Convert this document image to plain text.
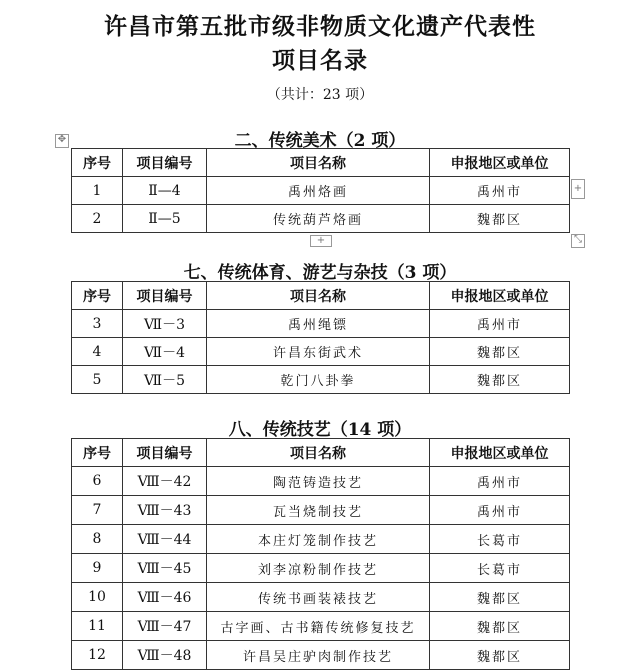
许昌市第五批市级非物质文化遗产代表性
项目名录
（共计：23 项）
✥	二、传统美术（2 项）
序号	项目编号	项目名称	申报地区或单位
1	Ⅱ—4	禹州烙画	禹州市
2	Ⅱ—5	传统葫芦烙画	魏都区
+
+	⤡
七、传统体育、游艺与杂技（3 项）
序号	项目编号	项目名称	申报地区或单位
3	Ⅶ－3	禹州绳镖	禹州市
4	Ⅶ－4	许昌东街武术	魏都区
5	Ⅶ－5	乾门八卦拳	魏都区
八、传统技艺（14 项）
序号	项目编号	项目名称	申报地区或单位
6	Ⅷ－42	陶范铸造技艺	禹州市
7	Ⅷ－43	瓦当烧制技艺	禹州市
8	Ⅷ－44	本庄灯笼制作技艺	长葛市
9	Ⅷ－45	刘李凉粉制作技艺	长葛市
10	Ⅷ－46	传统书画装裱技艺	魏都区
11	Ⅷ－47	古字画、古书籍传统修复技艺	魏都区
12	Ⅷ－48	许昌吴庄驴肉制作技艺	魏都区
